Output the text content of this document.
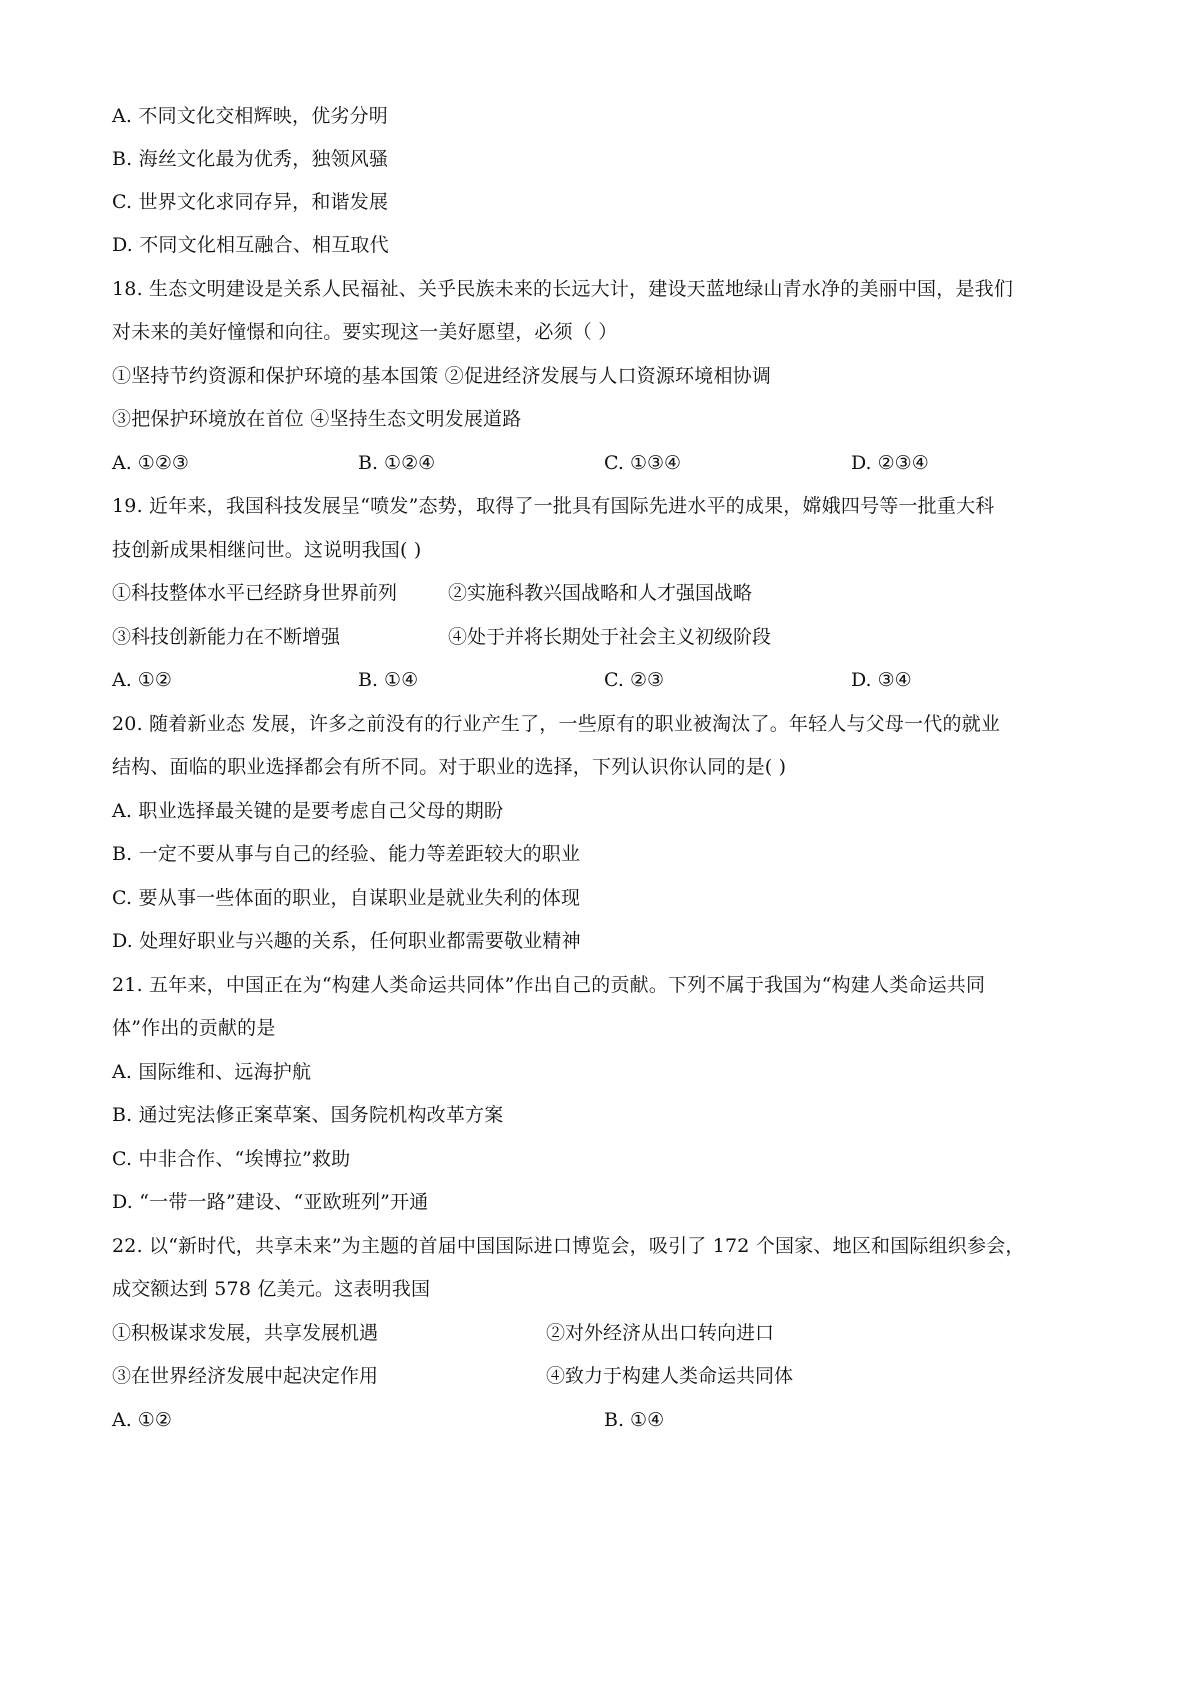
A. 不同文化交相辉映，优劣分明
B. 海丝文化最为优秀，独领风骚
C. 世界文化求同存异，和谐发展
D. 不同文化相互融合、相互取代
18. 生态文明建设是关系人民福祉、关乎民族未来的长远大计，建设天蓝地绿山青水净的美丽中国，是我们
对未来的美好憧憬和向往。要实现这一美好愿望，必须（ ）
①坚持节约资源和保护环境的基本国策 ②促进经济发展与人口资源环境相协调
③把保护环境放在首位 ④坚持生态文明发展道路
A. ①②③	B. ①②④	C. ①③④	D. ②③④
19. 近年来，我国科技发展呈“喷发”态势，取得了一批具有国际先进水平的成果，嫦娥四号等一批重大科
技创新成果相继问世。这说明我国( )
①科技整体水平已经跻身世界前列	②实施科教兴国战略和人才强国战略
③科技创新能力在不断增强	④处于并将长期处于社会主义初级阶段
A. ①②	B. ①④	C. ②③	D. ③④
20. 随着新业态 发展，许多之前没有的行业产生了，一些原有的职业被淘汰了。年轻人与父母一代的就业
结构、面临的职业选择都会有所不同。对于职业的选择，下列认识你认同的是( )
A. 职业选择最关键的是要考虑自己父母的期盼
B. 一定不要从事与自己的经验、能力等差距较大的职业
C. 要从事一些体面的职业，自谋职业是就业失利的体现
D. 处理好职业与兴趣的关系，任何职业都需要敬业精神
21. 五年来，中国正在为“构建人类命运共同体”作出自己的贡献。下列不属于我国为“构建人类命运共同
体”作出的贡献的是
A. 国际维和、远海护航
B. 通过宪法修正案草案、国务院机构改革方案
C. 中非合作、“埃博拉”救助
D. “一带一路”建设、“亚欧班列”开通
22. 以“新时代，共享未来”为主题的首届中国国际进口博览会，吸引了 172 个国家、地区和国际组织参会，
成交额达到 578 亿美元。这表明我国
①积极谋求发展，共享发展机遇	②对外经济从出口转向进口
③在世界经济发展中起决定作用	④致力于构建人类命运共同体
A. ①②	B. ①④
